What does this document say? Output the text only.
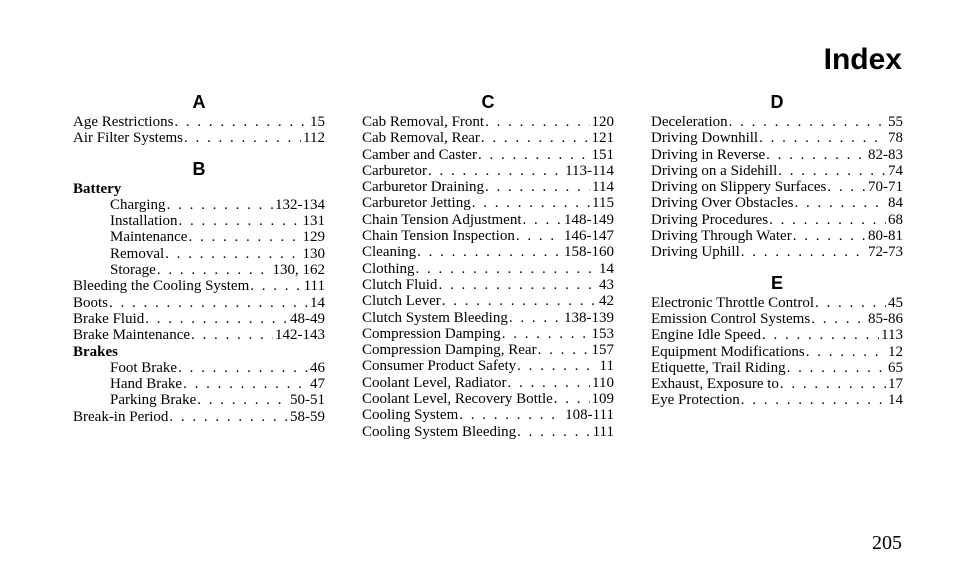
Index
A
Age Restrictions . . .	15
Air Filter Systems . . .	112
B
Battery
Charging . . .	132-134
Installation . . .	131
Maintenance . . .	129
Removal . . .	130
Storage . . .	130, 162
Bleeding the Cooling System . . .	111
Boots . . .	14
Brake Fluid . . .	48-49
Brake Maintenance . . .	142-143
Brakes
Foot Brake . . .	46
Hand Brake . . .	47
Parking Brake . . .	50-51
Break-in Period . . .	58-59
C
Cab Removal, Front . . .	120
Cab Removal, Rear . . .	121
Camber and Caster . . .	151
Carburetor . . .	113-114
Carburetor Draining . . .	114
Carburetor Jetting . . .	115
Chain Tension Adjustment . . .	148-149
Chain Tension Inspection . . .	146-147
Cleaning . . .	158-160
Clothing . . .	14
Clutch Fluid . . .	43
Clutch Lever . . .	42
Clutch System Bleeding . . .	138-139
Compression Damping . . .	153
Compression Damping, Rear . . .	157
Consumer Product Safety . . .	11
Coolant Level, Radiator . . .	110
Coolant Level, Recovery Bottle . . .	109
Cooling System . . .	108-111
Cooling System Bleeding . . .	111
D
Deceleration . . .	55
Driving Downhill . . .	78
Driving in Reverse . . .	82-83
Driving on a Sidehill . . .	74
Driving on Slippery Surfaces . . .	70-71
Driving Over Obstacles . . .	84
Driving Procedures . . .	68
Driving Through Water . . .	80-81
Driving Uphill . . .	72-73
E
Electronic Throttle Control . . .	45
Emission Control Systems . . .	85-86
Engine Idle Speed . . .	113
Equipment Modifications . . .	12
Etiquette, Trail Riding . . .	65
Exhaust, Exposure to . . .	17
Eye Protection . . .	14
205
